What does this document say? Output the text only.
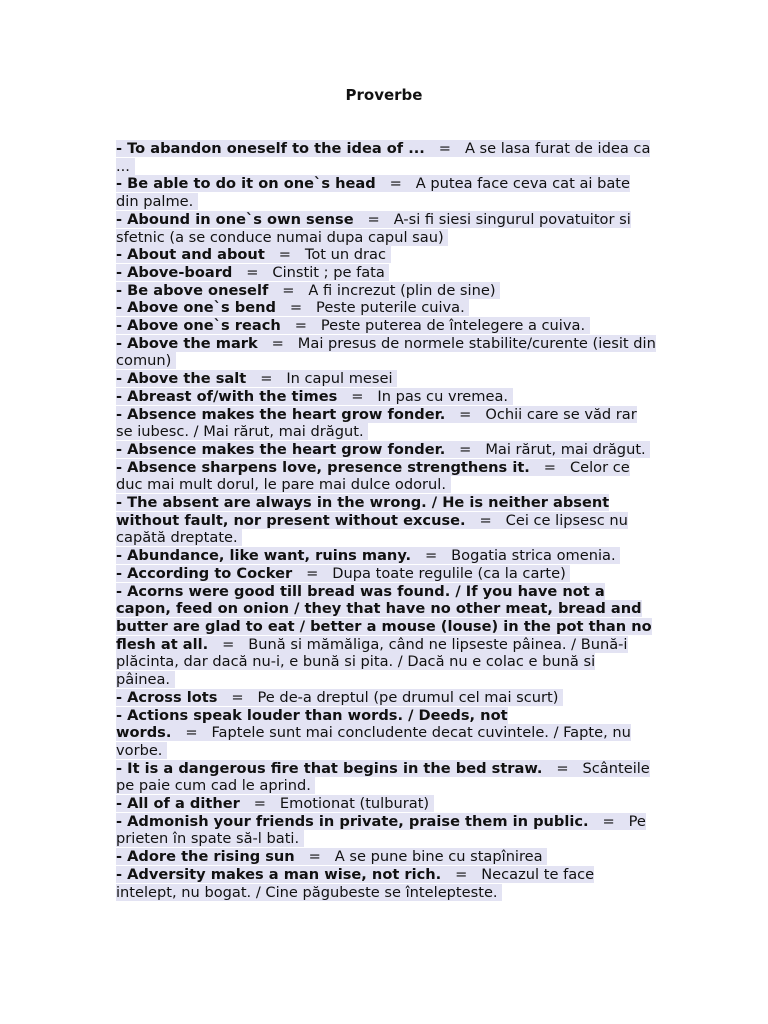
Proverbe
- To abandon oneself to the idea of ... = A se lasa furat de idea ca ...
- Be able to do it on one`s head = A putea face ceva cat ai bate din palme.
- Abound in one`s own sense = A-si fi siesi singurul povatuitor si sfetnic (a se conduce numai dupa capul sau)
- About and about = Tot un drac
- Above-board = Cinstit ; pe fata
- Be above oneself = A fi increzut (plin de sine)
- Above one`s bend = Peste puterile cuiva.
- Above one`s reach = Peste puterea de întelegere a cuiva.
- Above the mark = Mai presus de normele stabilite/curente (iesit din comun)
- Above the salt = In capul mesei
- Abreast of/with the times = In pas cu vremea.
- Absence makes the heart grow fonder. = Ochii care se văd rar se iubesc. / Mai rărut, mai drăgut.
- Absence makes the heart grow fonder. = Mai rărut, mai drăgut.
- Absence sharpens love, presence strengthens it. = Celor ce duc mai mult dorul, le pare mai dulce odorul.
- The absent are always in the wrong. / He is neither absent without fault, nor present without excuse. = Cei ce lipsesc nu capătă dreptate.
- Abundance, like want, ruins many. = Bogatia strica omenia.
- According to Cocker = Dupa toate regulile (ca la carte)
- Acorns were good till bread was found. / If you have not a capon, feed on onion / they that have no other meat, bread and butter are glad to eat / better a mouse (louse) in the pot than no flesh at all. = Bună si mămăliga, când ne lipseste pâinea. / Bună-i plăcinta, dar dacă nu-i, e bună si pita. / Dacă nu e colac e bună si pâinea.
- Across lots = Pe de-a dreptul (pe drumul cel mai scurt)
- Actions speak louder than words. / Deeds, not words. = Faptele sunt mai concludente decat cuvintele. / Fapte, nu vorbe.
- It is a dangerous fire that begins in the bed straw. = Scânteile pe paie cum cad le aprind.
- All of a dither = Emotionat (tulburat)
- Admonish your friends in private, praise them in public. = Pe prieten în spate să-l bati.
- Adore the rising sun = A se pune bine cu stapînirea
- Adversity makes a man wise, not rich. = Necazul te face intelept, nu bogat. / Cine păgubeste se întelepteste.
